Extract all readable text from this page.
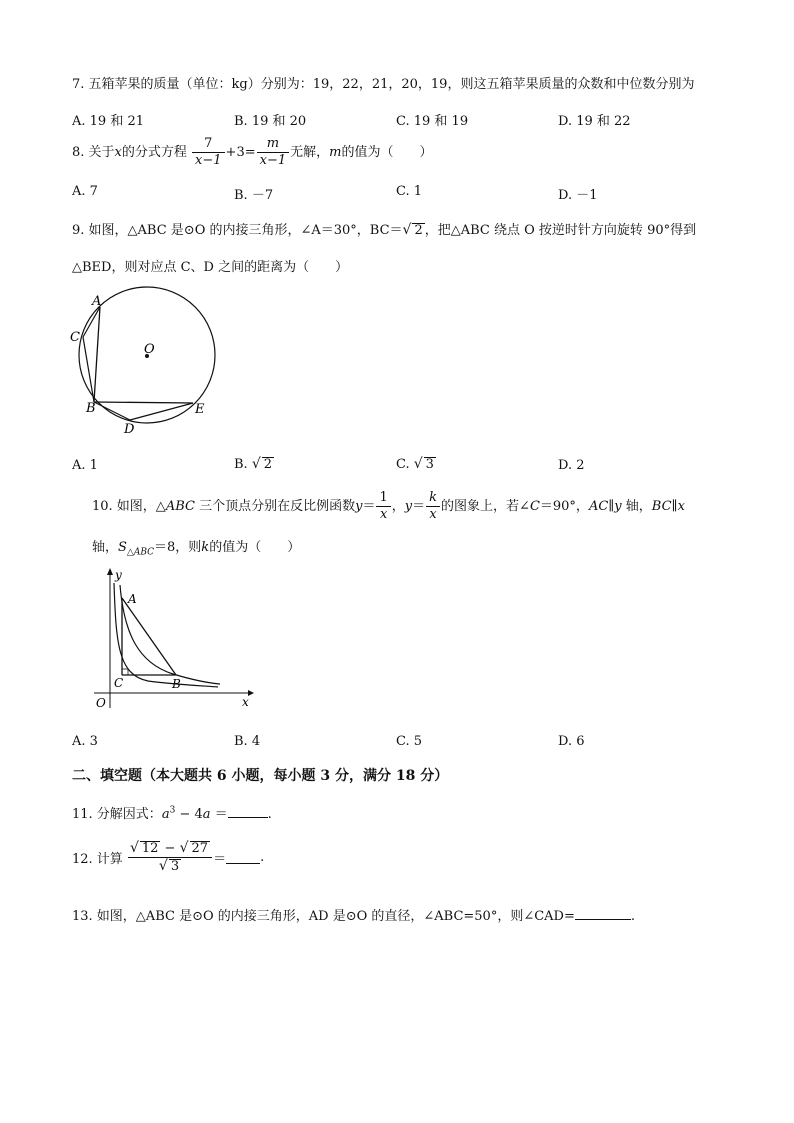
7. 五箱苹果的质量（单位：kg）分别为：19，22，21，20，19，则这五箱苹果质量的众数和中位数分别为
A. 19 和 21	B. 19 和 20	C. 19 和 19	D. 19 和 22
8. 关于x的分式方程 $\frac{7}{x-1} +3= \frac{m}{x-1}$ 无解，m的值为（　　）
A. 7	B. －7	C. 1	D. －1
9. 如图，△ABC 是⊙O 的内接三角形，∠A＝30°，BC＝√ 2 ，把△ABC 绕点 O 按逆时针方向旋转 90°得到
△BED，则对应点 C、D 之间的距离为（　　）
A
C
O
B	E
D
A. 1	B. √ 2	C. √ 3	D. 2
10. 如图，△ABC 三个顶点分别在反比例函数$y= \frac{1}{x}$ ，$y= \frac{k}{x}$ 的图象上，若∠C＝90°，AC∥y 轴，BC∥x
轴，$S_{\triangle ABC}=8$，则k的值为（　　）
y
A
C	B
O	x
A. 3	B. 4	C. 5	D. 6
二、填空题（本大题共 6 小题，每小题 3 分，满分 18 分）
11. 分解因式：$a^3 - 4a$ ＝	.
12. 计算 $\frac{√ 12 - √ 27}{√ 3}$ ＝	.
13. 如图，△ABC 是⊙O 的内接三角形，AD 是⊙O 的直径，∠ABC=50°，则∠CAD=	.
